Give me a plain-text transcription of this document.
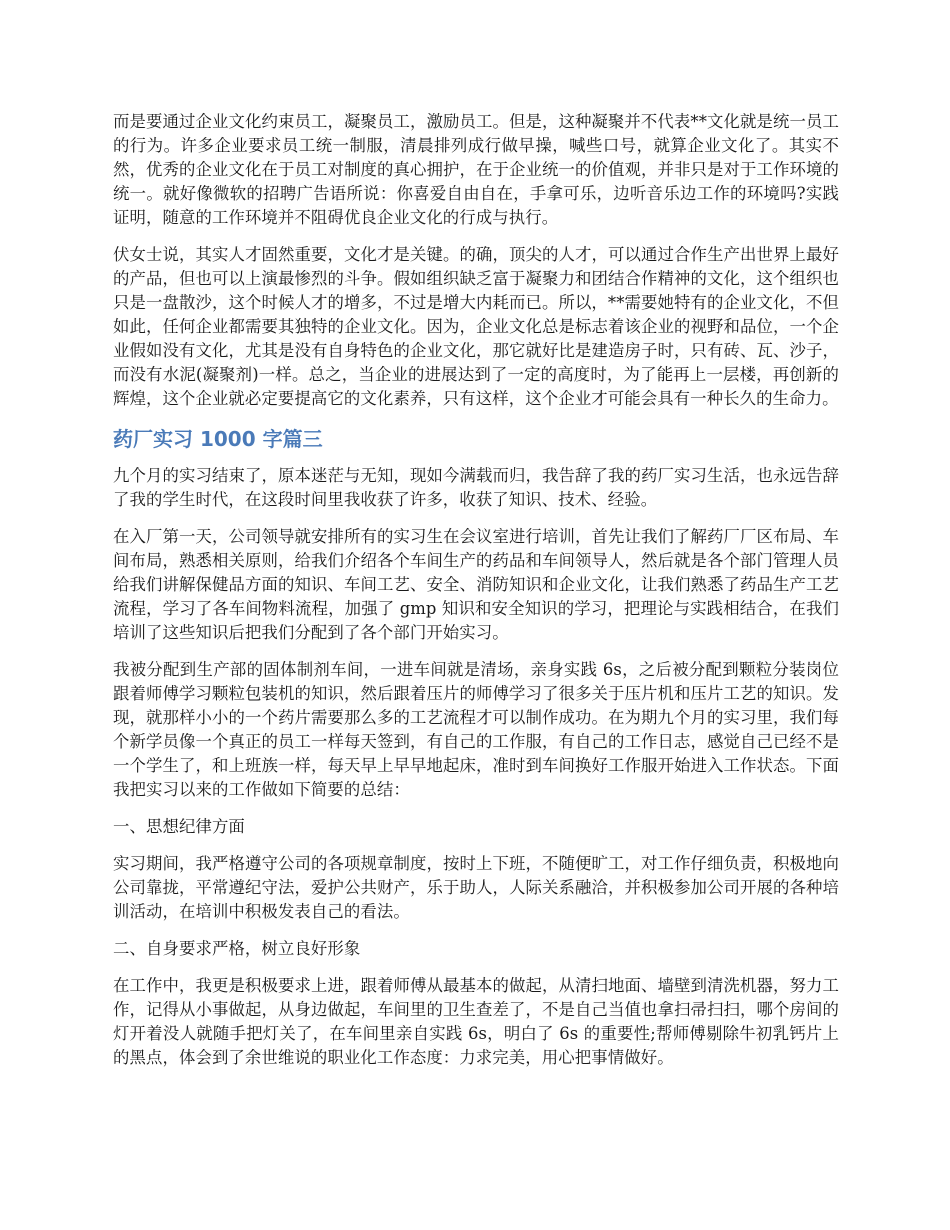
而是要通过企业文化约束员工，凝聚员工，激励员工。但是，这种凝聚并不代表**文化就是统一员工的行为。许多企业要求员工统一制服，清晨排列成行做早操，喊些口号，就算企业文化了。其实不然，优秀的企业文化在于员工对制度的真心拥护，在于企业统一的价值观，并非只是对于工作环境的统一。就好像微软的招聘广告语所说：你喜爱自由自在，手拿可乐，边听音乐边工作的环境吗?实践证明，随意的工作环境并不阻碍优良企业文化的行成与执行。

伏女士说，其实人才固然重要，文化才是关键。的确，顶尖的人才，可以通过合作生产出世界上最好的产品，但也可以上演最惨烈的斗争。假如组织缺乏富于凝聚力和团结合作精神的文化，这个组织也只是一盘散沙，这个时候人才的增多，不过是增大内耗而已。所以，**需要她特有的企业文化，不但如此，任何企业都需要其独特的企业文化。因为，企业文化总是标志着该企业的视野和品位，一个企业假如没有文化，尤其是没有自身特色的企业文化，那它就好比是建造房子时，只有砖、瓦、沙子，而没有水泥(凝聚剂)一样。总之，当企业的进展达到了一定的高度时，为了能再上一层楼，再创新的辉煌，这个企业就必定要提高它的文化素养，只有这样，这个企业才可能会具有一种长久的生命力。

药厂实习 1000 字篇三

九个月的实习结束了，原本迷茫与无知，现如今满载而归，我告辞了我的药厂实习生活，也永远告辞了我的学生时代，在这段时间里我收获了许多，收获了知识、技术、经验。

在入厂第一天，公司领导就安排所有的实习生在会议室进行培训，首先让我们了解药厂厂区布局、车间布局，熟悉相关原则，给我们介绍各个车间生产的药品和车间领导人，然后就是各个部门管理人员给我们讲解保健品方面的知识、车间工艺、安全、消防知识和企业文化，让我们熟悉了药品生产工艺流程，学习了各车间物料流程，加强了 gmp 知识和安全知识的学习，把理论与实践相结合，在我们培训了这些知识后把我们分配到了各个部门开始实习。

我被分配到生产部的固体制剂车间，一进车间就是清场，亲身实践 6s，之后被分配到颗粒分装岗位跟着师傅学习颗粒包装机的知识，然后跟着压片的师傅学习了很多关于压片机和压片工艺的知识。发现，就那样小小的一个药片需要那么多的工艺流程才可以制作成功。在为期九个月的实习里，我们每个新学员像一个真正的员工一样每天签到，有自己的工作服，有自己的工作日志，感觉自己已经不是一个学生了，和上班族一样，每天早上早早地起床，准时到车间换好工作服开始进入工作状态。下面我把实习以来的工作做如下简要的总结：

一、思想纪律方面

实习期间，我严格遵守公司的各项规章制度，按时上下班，不随便旷工，对工作仔细负责，积极地向公司靠拢，平常遵纪守法，爱护公共财产，乐于助人，人际关系融洽，并积极参加公司开展的各种培训活动，在培训中积极发表自己的看法。

二、自身要求严格，树立良好形象

在工作中，我更是积极要求上进，跟着师傅从最基本的做起，从清扫地面、墙壁到清洗机器，努力工作，记得从小事做起，从身边做起，车间里的卫生查差了，不是自己当值也拿扫帚扫扫，哪个房间的灯开着没人就随手把灯关了，在车间里亲自实践 6s，明白了 6s 的重要性;帮师傅剔除牛初乳钙片上的黑点，体会到了余世维说的职业化工作态度：力求完美，用心把事情做好。
